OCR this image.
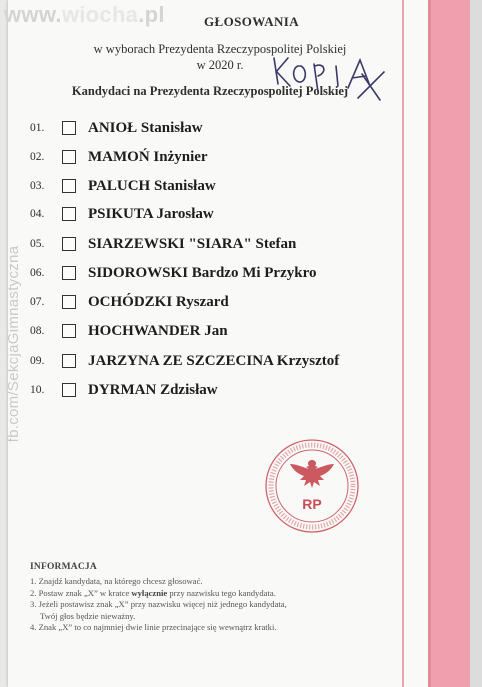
www.wiocha.pl
fb.com/SekcjaGimnastyczna
GŁOSOWANIA
w wyborach Prezydenta Rzeczypospolitej Polskiej
w 2020 r.
Kandydaci na Prezydenta Rzeczypospolitej Polskiej
01.	ANIOŁ Stanisław
02.	MAMOŃ Inżynier
03.	PALUCH Stanisław
04.	PSIKUTA Jarosław
05.	SIARZEWSKI "SIARA" Stefan
06.	SIDOROWSKI Bardzo Mi Przykro
07.	OCHÓDZKI Ryszard
08.	HOCHWANDER Jan
09.	JARZYNA ZE SZCZECINA Krzysztof
10.	DYRMAN Zdzisław
RP
INFORMACJA
1. Znajdź kandydata, na którego chcesz głosować.
2. Postaw znak „X” w kratce wyłącznie przy nazwisku tego kandydata.
3. Jeżeli postawisz znak „X” przy nazwisku więcej niż jednego kandydata,
Twój głos będzie nieważny.
4. Znak „X” to co najmniej dwie linie przecinające się wewnątrz kratki.
